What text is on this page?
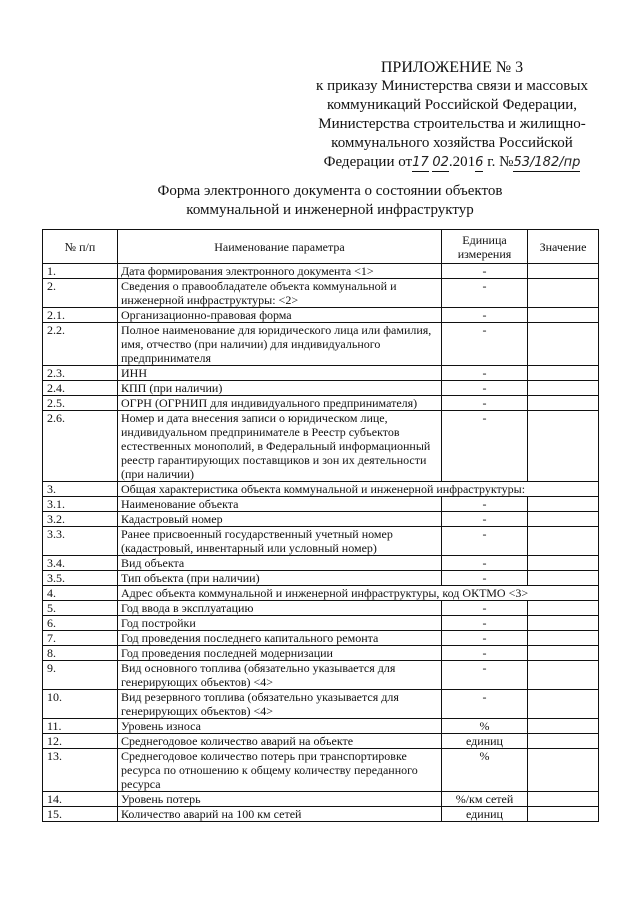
ПРИЛОЖЕНИЕ № 3
к приказу Министерства связи и массовых
коммуникаций Российской Федерации,
Министерства строительства и жилищно-
коммунального хозяйства Российской
Федерации от17 02.2016 г. №53/182/пр
Форма электронного документа о состоянии объектов
коммунальной и инженерной инфраструктур
№ п/п	Наименование параметра	Единица измерения	Значение
1.	Дата формирования электронного документа <1>	-	
2.	Сведения о правообладателе объекта коммунальной и инженерной инфраструктуры: <2>	-	
2.1.	Организационно-правовая форма	-	
2.2.	Полное наименование для юридического лица или фамилия, имя, отчество (при наличии) для индивидуального предпринимателя	-	
2.3.	ИНН	-	
2.4.	КПП (при наличии)	-	
2.5.	ОГРН (ОГРНИП для индивидуального предпринимателя)	-	
2.6.	Номер и дата внесения записи о юридическом лице, индивидуальном предпринимателе в Реестр субъектов естественных монополий, в Федеральный информационный реестр гарантирующих поставщиков и зон их деятельности (при наличии)	-	
3.	Общая характеристика объекта коммунальной и инженерной инфраструктуры:		
3.1.	Наименование объекта	-	
3.2.	Кадастровый номер	-	
3.3.	Ранее присвоенный государственный учетный номер (кадастровый, инвентарный или условный номер)	-	
3.4.	Вид объекта	-	
3.5.	Тип объекта (при наличии)	-	
4.	Адрес объекта коммунальной и инженерной инфраструктуры, код ОКТМО <3>		
5.	Год ввода в эксплуатацию	-	
6.	Год постройки	-	
7.	Год проведения последнего капитального ремонта	-	
8.	Год проведения последней модернизации	-	
9.	Вид основного топлива (обязательно указывается для генерирующих объектов) <4>	-	
10.	Вид резервного топлива (обязательно указывается для генерирующих объектов) <4>	-	
11.	Уровень износа	%	
12.	Среднегодовое количество аварий на объекте	единиц	
13.	Среднегодовое количество потерь при транспортировке ресурса по отношению к общему количеству переданного ресурса	%	
14.	Уровень потерь	%/км сетей	
15.	Количество аварий на 100 км сетей	единиц	
